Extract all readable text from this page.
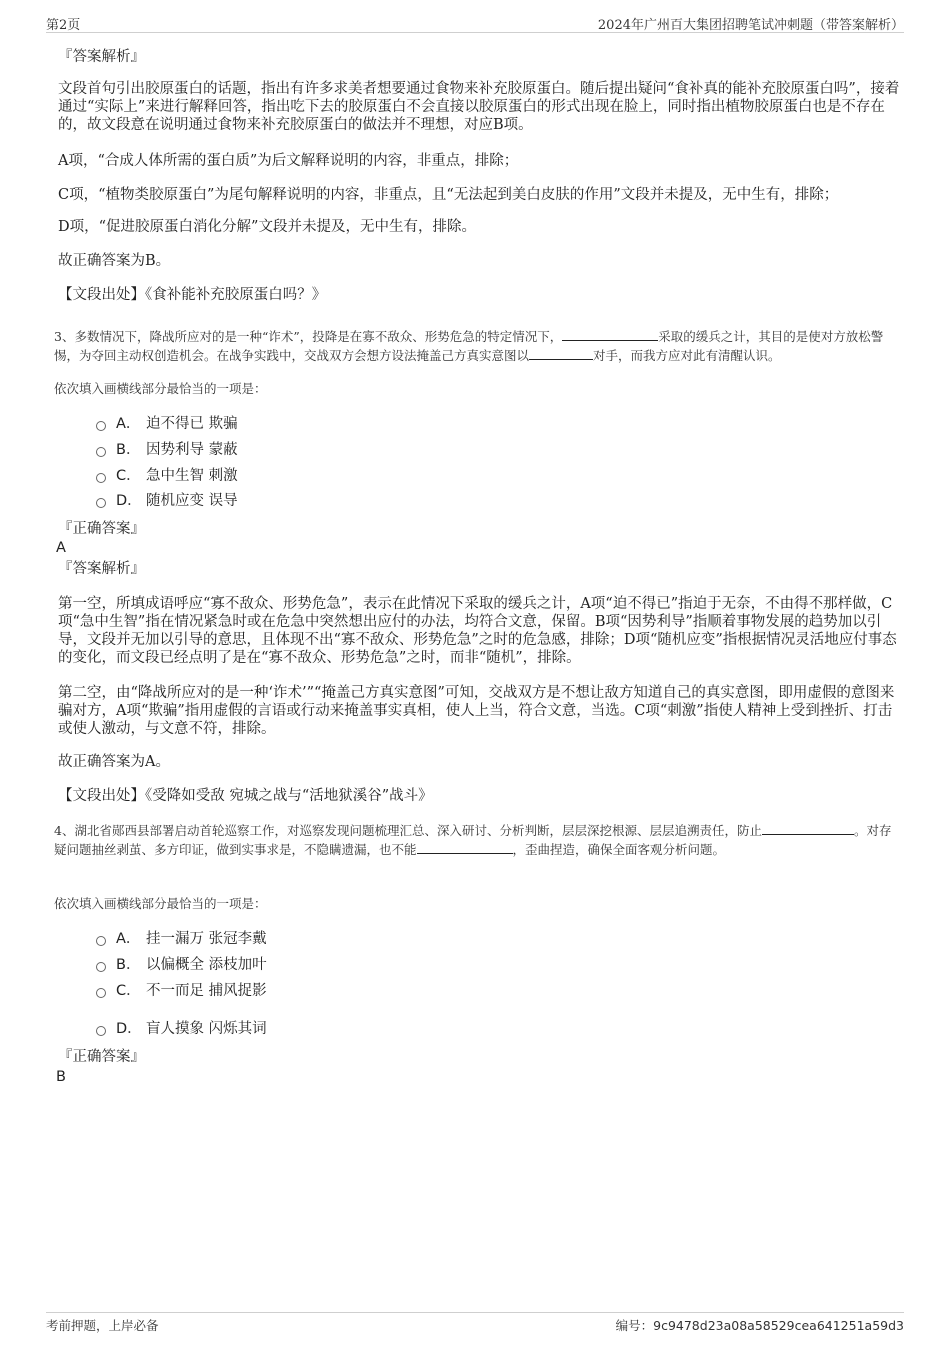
第2页	2024年广州百大集团招聘笔试冲刺题（带答案解析）
『答案解析』
文段首句引出胶原蛋白的话题，指出有许多求美者想要通过食物来补充胶原蛋白。随后提出疑问“食补真的能补充胶原蛋白吗”，接着通过“实际上”来进行解释回答，指出吃下去的胶原蛋白不会直接以胶原蛋白的形式出现在脸上，同时指出植物胶原蛋白也是不存在的，故文段意在说明通过食物来补充胶原蛋白的做法并不理想，对应B项。
A项，“合成人体所需的蛋白质”为后文解释说明的内容，非重点，排除；
C项，“植物类胶原蛋白”为尾句解释说明的内容，非重点，且“无法起到美白皮肤的作用”文段并未提及，无中生有，排除；
D项，“促进胶原蛋白消化分解”文段并未提及，无中生有，排除。
故正确答案为B。
【文段出处】《食补能补充胶原蛋白吗？》
3、多数情况下，降战所应对的是一种“诈术”，投降是在寡不敌众、形势危急的特定情况下，	采取的缓兵之计，其目的是使对方放松警惕，为夺回主动权创造机会。在战争实践中，交战双方会想方设法掩盖己方真实意图以	对手，而我方应对此有清醒认识。
依次填入画横线部分最恰当的一项是：
A． 迫不得已 欺骗
B． 因势利导 蒙蔽
C． 急中生智 刺激
D． 随机应变 误导
『正确答案』
A
『答案解析』
第一空，所填成语呼应“寡不敌众、形势危急”，表示在此情况下采取的缓兵之计，A项“迫不得已”指迫于无奈，不由得不那样做，C项“急中生智”指在情况紧急时或在危急中突然想出应付的办法，均符合文意，保留。B项“因势利导”指顺着事物发展的趋势加以引导，文段并无加以引导的意思，且体现不出“寡不敌众、形势危急”之时的危急感，排除；D项“随机应变”指根据情况灵活地应付事态的变化，而文段已经点明了是在“寡不敌众、形势危急”之时，而非“随机”，排除。
第二空，由“降战所应对的是一种‘诈术’”“掩盖己方真实意图”可知，交战双方是不想让敌方知道自己的真实意图，即用虚假的意图来骗对方，A项“欺骗”指用虚假的言语或行动来掩盖事实真相，使人上当，符合文意，当选。C项“刺激”指使人精神上受到挫折、打击或使人激动，与文意不符，排除。
故正确答案为A。
【文段出处】《受降如受敌 宛城之战与“活地狱溪谷”战斗》
4、湖北省郧西县部署启动首轮巡察工作，对巡察发现问题梳理汇总、深入研讨、分析判断，层层深挖根源、层层追溯责任，防止	。对存疑问题抽丝剥茧、多方印证，做到实事求是，不隐瞒遗漏，也不能	，歪曲捏造，确保全面客观分析问题。
依次填入画横线部分最恰当的一项是：
A． 挂一漏万 张冠李戴
B． 以偏概全 添枝加叶
C． 不一而足 捕风捉影
D． 盲人摸象 闪烁其词
『正确答案』
B
考前押题，上岸必备	编号：9c9478d23a08a58529cea641251a59d3
